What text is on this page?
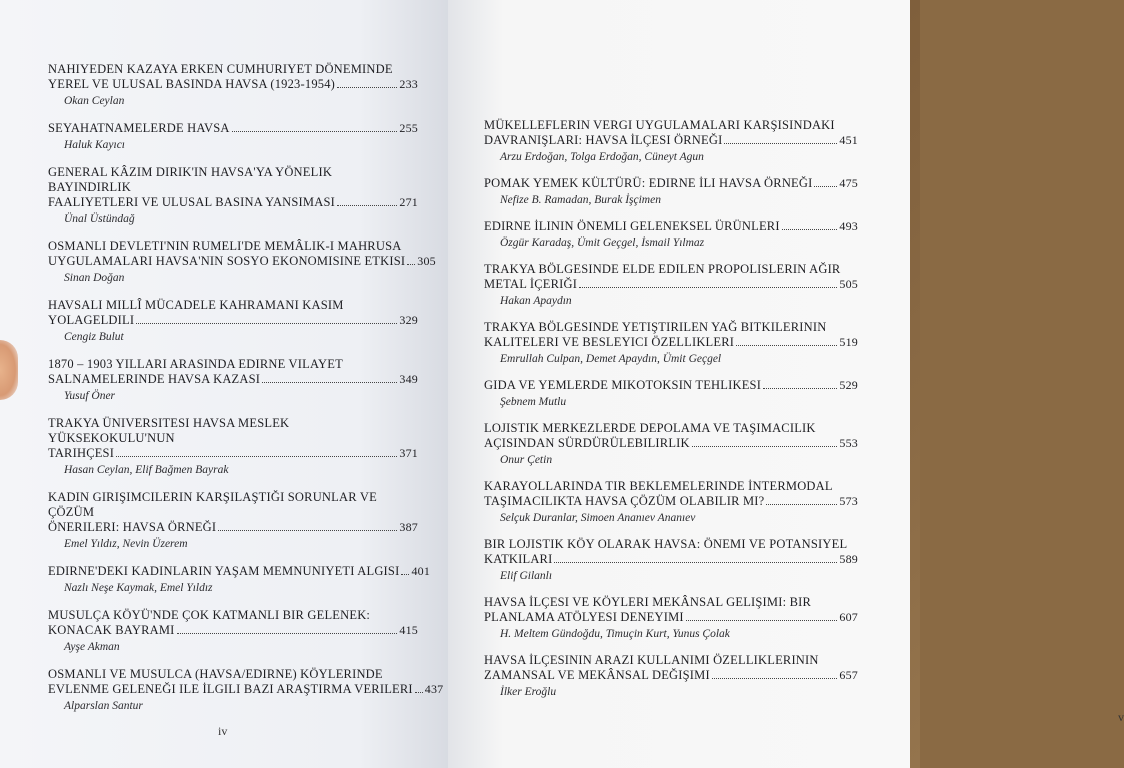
NAHIYEDEN KAZAYA ERKEN CUMHURIYET DÖNEMINDE
YEREL VE ULUSAL BASINDA HAVSA (1923-1954)	233
Okan Ceylan
SEYAHATNAMELERDE HAVSA	255
Haluk Kayıcı
GENERAL KÂZIM DIRIK'IN HAVSA'YA YÖNELIK BAYINDIRLIK
FAALIYETLERI VE ULUSAL BASINA YANSIMASI	271
Ünal Üstündağ
OSMANLI DEVLETI'NIN RUMELI'DE MEMÂLIK-I MAHRUSA
UYGULAMALARI HAVSA'NIN SOSYO EKONOMISINE ETKISI 305
Sinan Doğan
HAVSALI MILLÎ MÜCADELE KAHRAMANI KASIM
YOLAGELDILI	329
Cengiz Bulut
1870 – 1903 YILLARI ARASINDA EDIRNE VILAYET
SALNAMELERINDE HAVSA KAZASI	349
Yusuf Öner
TRAKYA ÜNIVERSITESI HAVSA MESLEK YÜKSEKOKULU'NUN
TARIHÇESI	371
Hasan Ceylan, Elif Bağmen Bayrak
KADIN GIRIŞIMCILERIN KARŞILAŞTIĞI SORUNLAR VE ÇÖZÜM
ÖNERILERI: HAVSA ÖRNEĞI	387
Emel Yıldız, Nevin Üzerem
EDIRNE'DEKI KADINLARIN YAŞAM MEMNUNIYETI ALGISI 401
Nazlı Neşe Kaymak, Emel Yıldız
MUSULÇA KÖYÜ'NDE ÇOK KATMANLI BIR GELENEK:
KONACAK BAYRAMI	415
Ayşe Akman
OSMANLI VE MUSULCA (HAVSA/EDIRNE) KÖYLERINDE
EVLENME GELENEĞI ILE İLGILI BAZI ARAŞTIRMA VERILERI 437
Alparslan Santur
iv
MÜKELLEFLERIN VERGI UYGULAMALARI KARŞISINDAKI
DAVRANIŞLARI: HAVSA İLÇESI ÖRNEĞI	451
Arzu Erdoğan, Tolga Erdoğan, Cüneyt Agun
POMAK YEMEK KÜLTÜRÜ: EDIRNE İLI HAVSA ÖRNEĞI 475
Nefize B. Ramadan, Burak İşçimen
EDIRNE İLININ ÖNEMLI GELENEKSEL ÜRÜNLERI	493
Özgür Karadaş, Ümit Geçgel, İsmail Yılmaz
TRAKYA BÖLGESINDE ELDE EDILEN PROPOLISLERIN AĞIR
METAL İÇERIĞI	505
Hakan Apaydın
TRAKYA BÖLGESINDE YETIŞTIRILEN YAĞ BITKILERININ
KALITELERI VE BESLEYICI ÖZELLIKLERI	519
Emrullah Culpan, Demet Apaydın, Ümit Geçgel
GIDA VE YEMLERDE MIKOTOKSIN TEHLIKESI	529
Şebnem Mutlu
LOJISTIK MERKEZLERDE DEPOLAMA VE TAŞIMACILIK
AÇISINDAN SÜRDÜRÜLEBILIRLIK	553
Onur Çetin
KARAYOLLARINDA TIR BEKLEMELERINDE İNTERMODAL
TAŞIMACILIKTA HAVSA ÇÖZÜM OLABILIR MI?	573
Selçuk Duranlar, Simoen Ananıev Ananıev
BIR LOJISTIK KÖY OLARAK HAVSA: ÖNEMI VE POTANSIYEL
KATKILARI	589
Elif Gilanlı
HAVSA İLÇESI VE KÖYLERI MEKÂNSAL GELIŞIMI: BIR
PLANLAMA ATÖLYESI DENEYIMI	607
H. Meltem Gündoğdu, Timuçin Kurt, Yunus Çolak
HAVSA İLÇESININ ARAZI KULLANIMI ÖZELLIKLERININ
ZAMANSAL VE MEKÂNSAL DEĞIŞIMI	657
İlker Eroğlu
v
